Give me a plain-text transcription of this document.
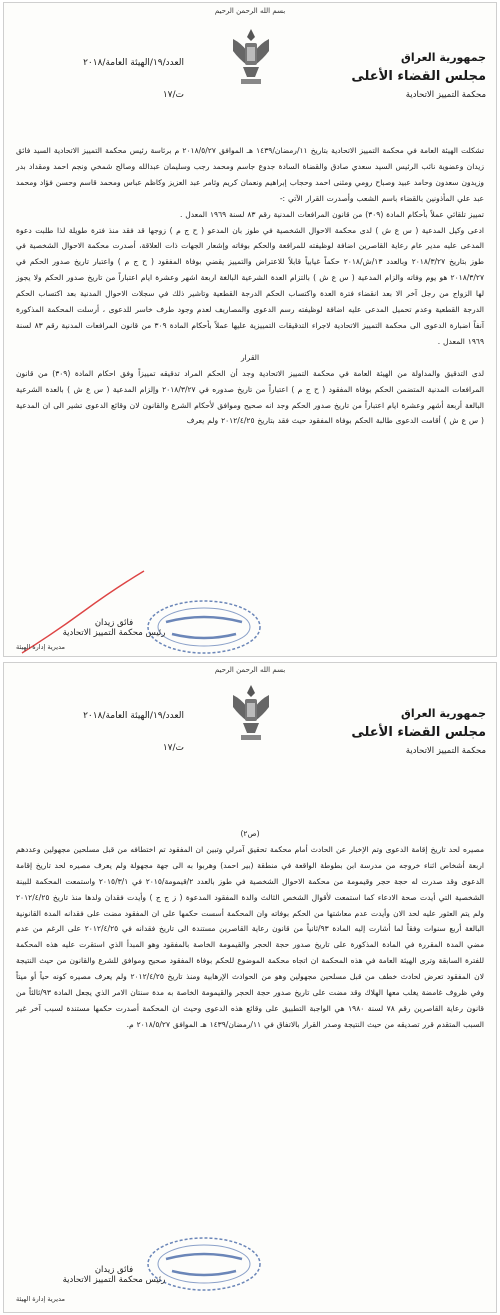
بسم الله الرحمن الرحيم
جمهورية العراق
مجلس القضاء الأعلى
محكمة التمييز الاتحادية
العدد/١٩/الهيئة العامة/٢٠١٨
ت/١٧

تشكلت الهيئة العامة في محكمة التمييز الاتحادية بتاريخ ١١/رمضان/١٤٣٩ هـ الموافق ٢٠١٨/٥/٢٧ م برئاسة رئيس محكمة التمييز الاتحادية السيد فائق زيدان وعضوية نائب الرئيس السيد سعدي صادق والقضاة السادة جدوع جاسم ومحمد رجب وسليمان عبدالله وصالح شمخي ونجم احمد ومقداد بدر وزيدون سعدون وحامد عبيد وصباح رومي ومثنى احمد وحجاب إبراهيم ونعمان كريم وثامر عبد العزيز وكاظم عباس ومحمد قاسم وحسن فؤاد ومحمد عبد علي المأذونين بالقضاء باسم الشعب وأصدرت القرار الآتي :-

تمييز تلقائي عملاً بأحكام المادة (٣٠٩) من قانون المرافعات المدنية رقم ٨٣ لسنة ١٩٦٩ المعدل .

ادعى وكيل المدعية ( س ع ش ) لدى محكمة الاحوال الشخصية في طوز بان المدعو ( ح ج م ) زوجها قد فقد منذ فترة طويلة لذا طلبت دعوة المدعى عليه مدير عام رعاية القاصرين اضافة لوظيفته للمرافعة والحكم بوفاته وإشعار الجهات ذات العلاقة، أصدرت محكمة الاحوال الشخصية في طوز بتاريخ ٢٠١٨/٣/٢٧ وبالعدد ١٣/ش/٢٠١٨ حكماً غيابياً قابلاً للاعتراض والتمييز يقضي بوفاة المفقود ( ح ج م ) واعتبار تاريخ صدور الحكم في ٢٠١٨/٣/٢٧ هو يوم وفاته والزام المدعية ( س ع ش ) بالتزام العدة الشرعية البالغة اربعة اشهر وعشرة ايام اعتباراً من تاريخ صدور الحكم ولا يجوز لها الزواج من رجل آخر الا بعد انقضاء فترة العدة واكتساب الحكم الدرجة القطعية وتاشير ذلك في سجلات الاحوال المدنية بعد اكتساب الحكم الدرجة القطعية وعدم تحميل المدعى عليه اضافة لوظيفته رسم الدعوى والمصاريف لعدم وجود طرف خاسر للدعوى ، أرسلت المحكمة المذكورة آنفاً اضبارة الدعوى الى محكمة التمييز الاتحادية لاجراء التدقيقات التمييزية عليها عملاً بأحكام المادة ٣٠٩ من قانون المرافعات المدنية رقم ٨٣ لسنة ١٩٦٩ المعدل .

القرار

لدى التدقيق والمداولة من الهيئة العامة في محكمة التمييز الاتحادية وجد أن الحكم المراد تدقيقه تمييزاً وفق احكام المادة (٣٠٩) من قانون المرافعات المدنية المتضمن الحكم بوفاة المفقود ( ح ج م ) اعتباراً من تاريخ صدوره في ٢٠١٨/٣/٢٧ وإلزام المدعية ( س ع ش ) بالعدة الشرعية البالغة أربعة أشهر وعشرة ايام اعتباراً من تاريخ صدور الحكم وجد انه صحيح وموافق لأحكام الشرع والقانون لان وقائع الدعوى تشير الى ان المدعية ( س ع ش ) أقامت الدعوى طالبة الحكم بوفاة المفقود حيث فقد بتاريخ ٢٠١٢/٤/٢٥ ولم يعرف

فائق زيدان
رئيس محكمة التمييز الاتحادية
مديرية إدارة الهيئة
بسم الله الرحمن الرحيم
جمهورية العراق
مجلس القضاء الأعلى
محكمة التمييز الاتحادية
العدد/١٩/الهيئة العامة/٢٠١٨
ت/١٧

(ص٢)

مصيره لحد تاريخ إقامة الدعوى وتم الإخبار عن الحادث أمام محكمة تحقيق آمرلي وتبين ان المفقود تم اختطافه من قبل مسلحين مجهولين وعددهم اربعة أشخاص اثناء خروجه من مدرسة ابن بطوطة الواقعة في منطقة (بير احمد) وهربوا به الى جهة مجهولة ولم يعرف مصيره لحد تاريخ إقامة الدعوى وقد صدرت له حجة حجر وقيمومة من محكمة الاحوال الشخصية في طوز بالعدد ٢/قيمومة/٢٠١٥ في ٢٠١٥/٣/١ واستمعت المحكمة للبينة الشخصية التي أيدت صحة الادعاء كما استمعت لأقوال الشخص الثالث والدة المفقود المدعوة ( ز ج ج ) وأيدت فقدان ولدها منذ تاريخ ٢٠١٢/٤/٢٥ ولم يتم العثور عليه لحد الان وأيدت عدم معاشتها من الحكم بوفاته وان المحكمة أسست حكمها على ان المفقود مضت على فقدانه المدة القانونية البالغة أربع سنوات وفقاً لما أشارت إليه المادة ٩٣/ثانياً من قانون رعاية القاصرين مستندة الى تاريخ فقدانه في ٢٠١٢/٤/٢٥ على الرغم من عدم مضي المدة المقررة في المادة المذكورة على تاريخ صدور حجة الحجر والقيمومة الخاصة بالمفقود وهو المبدأ الذي استقرت عليه هذه المحكمة للفترة السابقة وترى الهيئة العامة في هذه المحكمة ان اتجاه محكمة الموضوع للحكم بوفاة المفقود صحيح وموافق للشرع والقانون من حيث النتيجة لان المفقود تعرض لحادث خطف من قبل مسلحين مجهولين وهو من الحوادث الإرهابية ومنذ تاريخ ٢٠١٢/٤/٢٥ ولم يعرف مصيره كونه حياً أو ميتاً وفي ظروف غامضة يغلب معها الهلاك وقد مضت على تاريخ صدور حجة الحجر والقيمومة الخاصة به مدة سنتان الامر الذي يجعل المادة ٩٣/ثالثاً من قانون رعاية القاصرين رقم ٧٨ لسنة ١٩٨٠ هي الواجبة التطبيق على وقائع هذه الدعوى وحيث ان المحكمة أصدرت حكمها مستندة لسبب آخر غير السبب المتقدم قرر تصديقه من حيث النتيجة وصدر القرار بالاتفاق في ١١/رمضان/١٤٣٩ هـ الموافق ٢٠١٨/٥/٢٧ م.

فائق زيدان
رئيس محكمة التمييز الاتحادية
مديرية إدارة الهيئة
